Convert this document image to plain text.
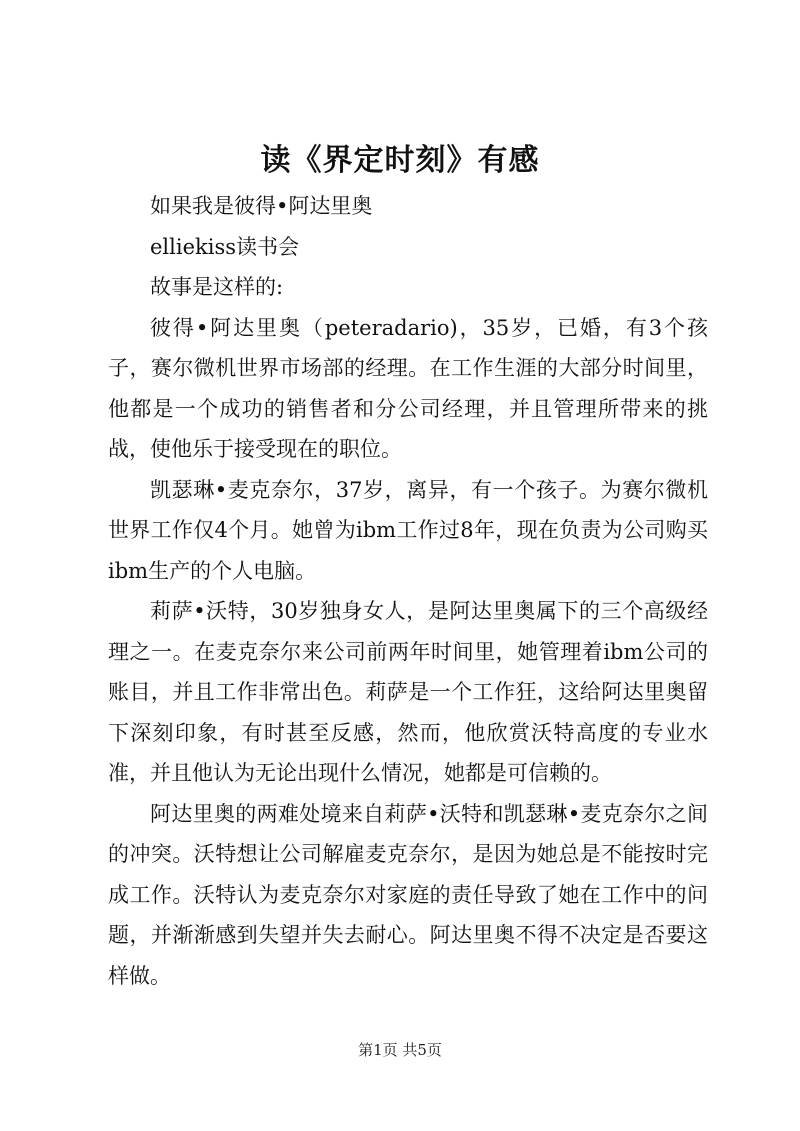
读《界定时刻》有感

如果我是彼得•阿达里奥

elliekiss读书会

故事是这样的:

彼得•阿达里奥（peteradario)，35岁，已婚，有3个孩子，赛尔微机世界市场部的经理。在工作生涯的大部分时间里，他都是一个成功的销售者和分公司经理，并且管理所带来的挑战，使他乐于接受现在的职位。

凯瑟琳•麦克奈尔，37岁，离异，有一个孩子。为赛尔微机世界工作仅4个月。她曾为ibm工作过8年，现在负责为公司购买ibm生产的个人电脑。

莉萨•沃特，30岁独身女人，是阿达里奥属下的三个高级经理之一。在麦克奈尔来公司前两年时间里，她管理着ibm公司的账目，并且工作非常出色。莉萨是一个工作狂，这给阿达里奥留下深刻印象，有时甚至反感，然而，他欣赏沃特高度的专业水准，并且他认为无论出现什么情况，她都是可信赖的。

阿达里奥的两难处境来自莉萨•沃特和凯瑟琳•麦克奈尔之间的冲突。沃特想让公司解雇麦克奈尔，是因为她总是不能按时完成工作。沃特认为麦克奈尔对家庭的责任导致了她在工作中的问题，并渐渐感到失望并失去耐心。阿达里奥不得不决定是否要这样做。

第1页 共5页
